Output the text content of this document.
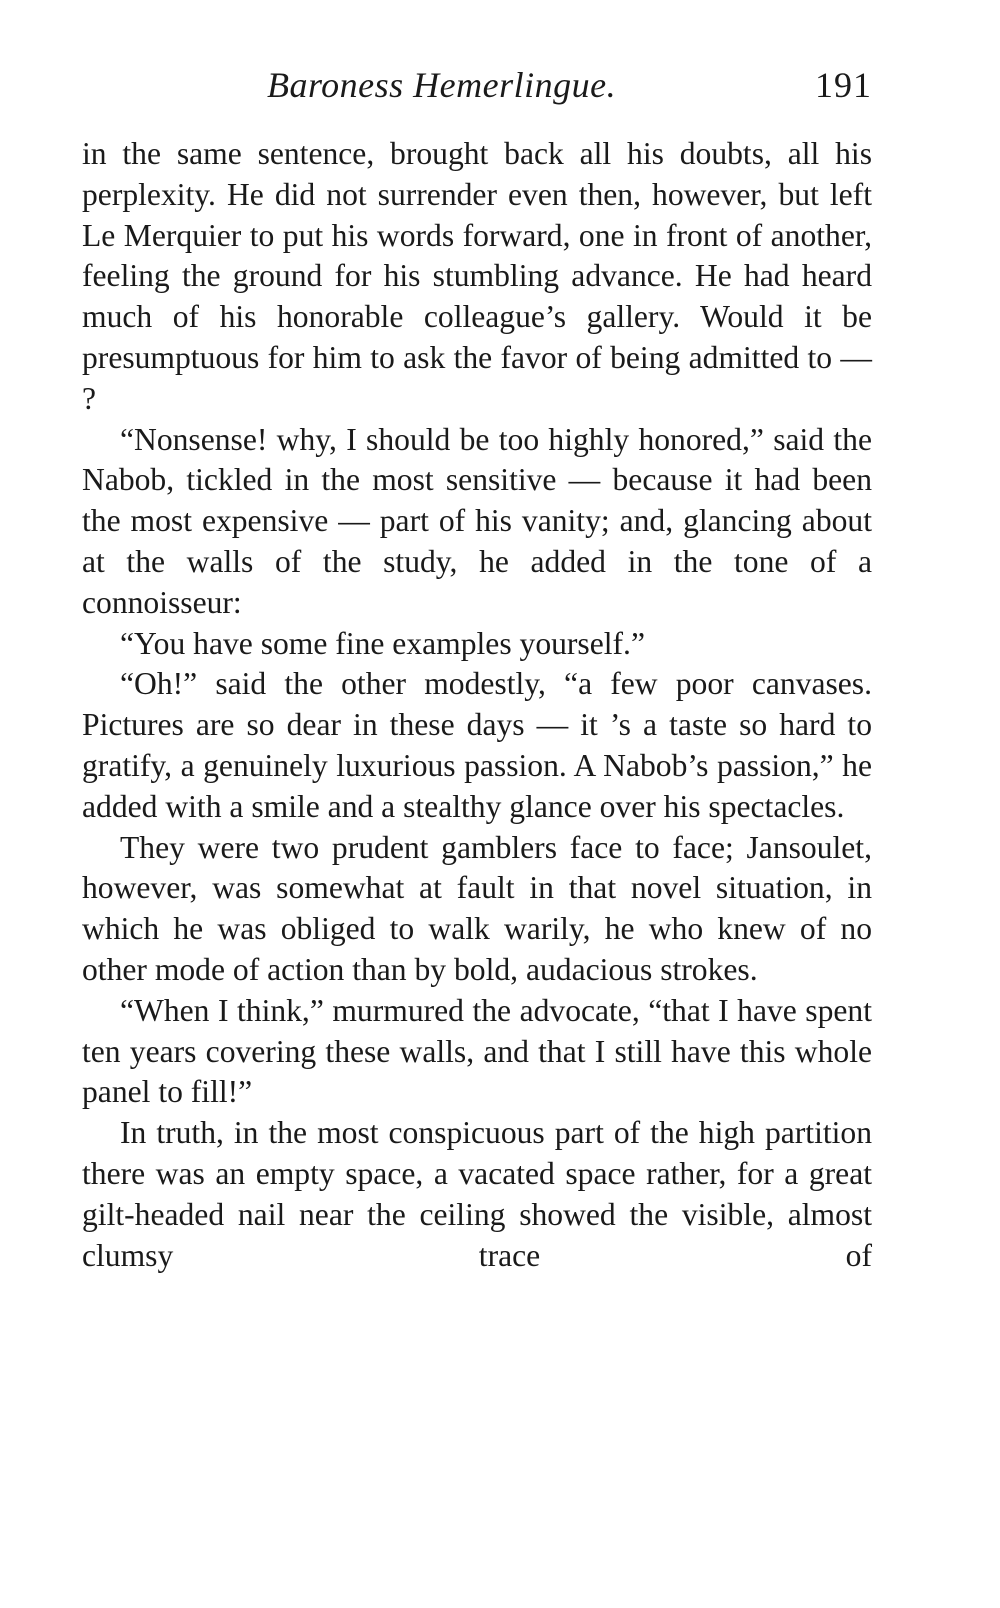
Baroness Hemerlingue.	191

in the same sentence, brought back all his doubts, all his perplexity. He did not surrender even then, however, but left Le Merquier to put his words forward, one in front of another, feeling the ground for his stumbling advance. He had heard much of his honorable colleague’s gallery. Would it be presumptuous for him to ask the favor of being admitted to — ?

“Nonsense! why, I should be too highly honored,” said the Nabob, tickled in the most sensitive — because it had been the most expensive — part of his vanity; and, glancing about at the walls of the study, he added in the tone of a connoisseur:

“You have some fine examples yourself.”

“Oh!” said the other modestly, “a few poor canvases. Pictures are so dear in these days — it ’s a taste so hard to gratify, a genuinely luxurious passion. A Nabob’s passion,” he added with a smile and a stealthy glance over his spectacles.

They were two prudent gamblers face to face; Jansoulet, however, was somewhat at fault in that novel situation, in which he was obliged to walk warily, he who knew of no other mode of action than by bold, audacious strokes.

“When I think,” murmured the advocate, “that I have spent ten years covering these walls, and that I still have this whole panel to fill!”

In truth, in the most conspicuous part of the high partition there was an empty space, a vacated space rather, for a great gilt-headed nail near the ceiling showed the visible, almost clumsy trace of
